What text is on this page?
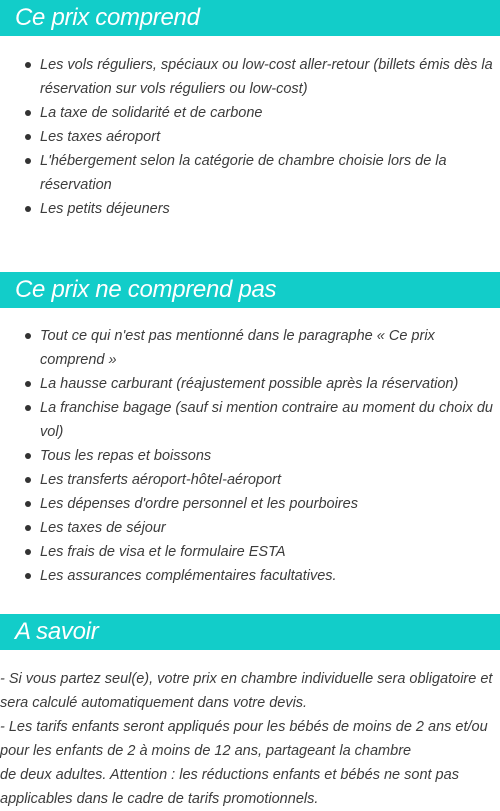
Ce prix comprend
Les vols réguliers, spéciaux ou low-cost aller-retour (billets émis dès la réservation sur vols réguliers ou low-cost)
La taxe de solidarité et de carbone
Les taxes aéroport
L'hébergement selon la catégorie de chambre choisie lors de la réservation
Les petits déjeuners
Ce prix ne comprend pas
Tout ce qui n'est pas mentionné dans le paragraphe « Ce prix comprend »
La hausse carburant (réajustement possible après la réservation)
La franchise bagage (sauf si mention contraire au moment du choix du vol)
Tous les repas et boissons
Les transferts aéroport-hôtel-aéroport
Les dépenses d'ordre personnel et les pourboires
Les taxes de séjour
Les frais de visa et le formulaire ESTA
Les assurances complémentaires facultatives.
A savoir

- Si vous partez seul(e), votre prix en chambre individuelle sera obligatoire et sera calculé automatiquement dans votre devis.

- Les tarifs enfants seront appliqués pour les bébés de moins de 2 ans et/ou pour les enfants de 2 à moins de 12 ans, partageant la chambre

de deux adultes. Attention : les réductions enfants et bébés ne sont pas applicables dans le cadre de tarifs promotionnels.
